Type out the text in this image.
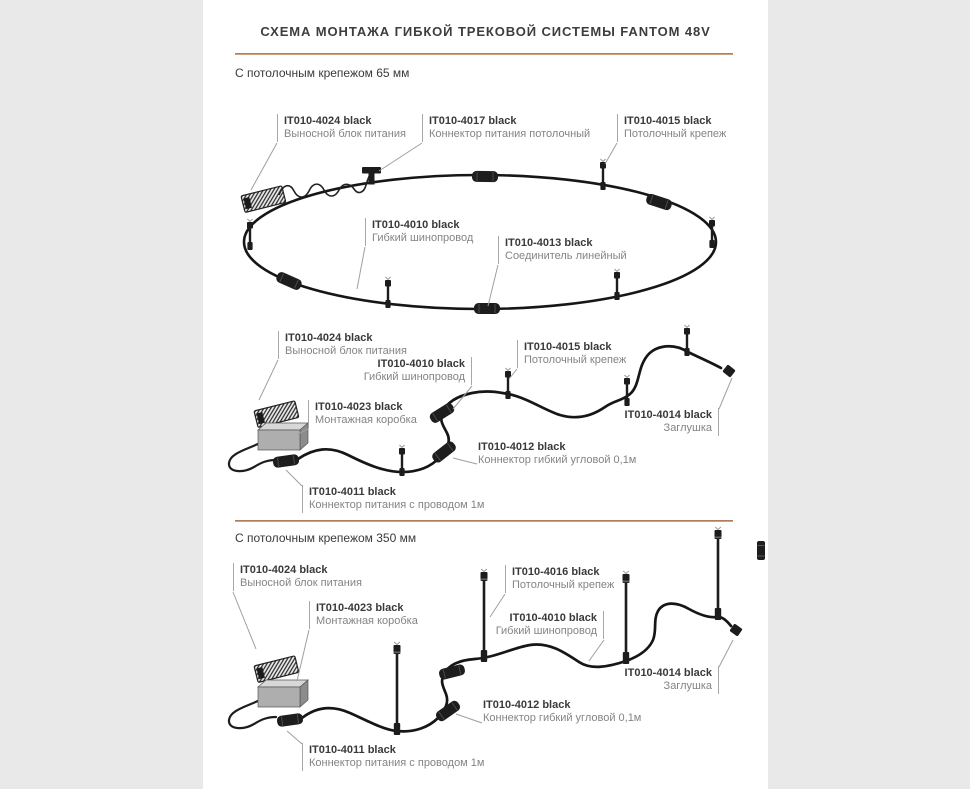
СХЕМА МОНТАЖА ГИБКОЙ ТРЕКОВОЙ СИСТЕМЫ FANTOM 48V
С потолочным крепежом 65 мм
С потолочным крепежом 350 мм
IT010-4024 black
Выносной блок питания
IT010-4017 black
Коннектор питания потолочный
IT010-4015 black
Потолочный крепеж
IT010-4010 black
Гибкий шинопровод	IT010-4013 black
Соединитель линейный
IT010-4024 black
Выносной блок питания
IT010-4010 black
Гибкий шинопровод
IT010-4015 black
Потолочный крепеж
IT010-4023 black
Монтажная коробка	IT010-4014 black
Заглушка
IT010-4012 black
Коннектор гибкий угловой 0,1м
IT010-4011 black
Коннектор питания с проводом 1м
IT010-4024 black
Выносной блок питания
IT010-4023 black
Монтажная коробка
IT010-4016 black
Потолочный крепеж
IT010-4010 black
Гибкий шинопровод
IT010-4014 black
Заглушка
IT010-4012 black
Коннектор гибкий угловой 0,1м
IT010-4011 black
Коннектор питания с проводом 1м
